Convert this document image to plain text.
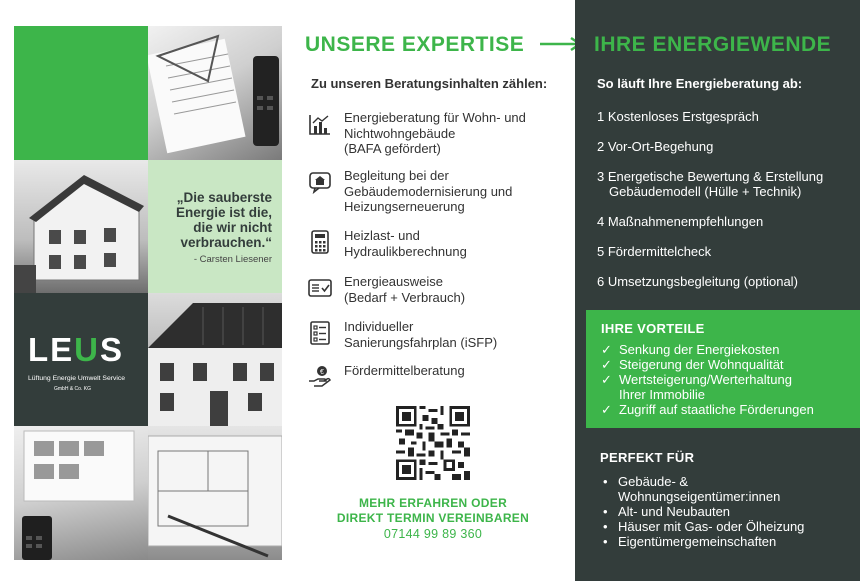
„Die sauberste
Energie ist die,
die wir nicht
verbrauchen.“
- Carsten Liesener
LEUS
Lüftung Energie Umwelt Service
GmbH & Co. KG
UNSERE EXPERTISE
Zu unseren Beratungsinhalten zählen:
Energieberatung für Wohn- und
Nichtwohngebäude
(BAFA gefördert)
Begleitung bei der
Gebäudemodernisierung und
Heizungserneuerung
Heizlast- und
Hydraulikberechnung
Energieausweise
(Bedarf + Verbrauch)
Individueller
Sanierungsfahrplan (iSFP)
€ Fördermittelberatung
MEHR ERFAHREN ODER
DIREKT TERMIN VEREINBAREN
07144 99 89 360
So läuft Ihre Energieberatung ab:
1 Kostenloses Erstgespräch
2 Vor-Ort-Begehung
3 Energetische Bewertung & Erstellung
Gebäudemodell (Hülle + Technik)
4 Maßnahmenempfehlungen
5 Fördermittelcheck
6 Umsetzungsbegleitung (optional)
IHRE ENERGIEWENDE
IHRE VORTEILE
✓ Senkung der Energiekosten
✓ Steigerung der Wohnqualität
✓ Wertsteigerung/Werterhaltung
Ihrer Immobilie
✓ Zugriff auf staatliche Förderungen
PERFEKT FÜR
• Gebäude- &
Wohnungseigentümer:innen
• Alt- und Neubauten
• Häuser mit Gas- oder Ölheizung
• Eigentümergemeinschaften
